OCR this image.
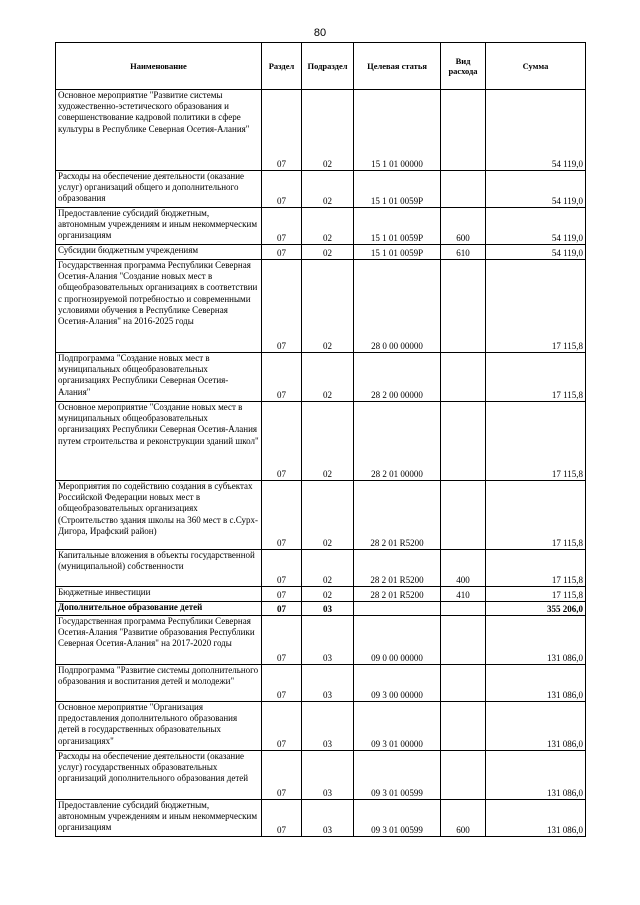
80
Наименование	Раздел	Подраздел	Целевая статья	Вид расхода	Сумма
Основное мероприятие "Развитие системы художественно-эстетического образования и совершенствование кадровой политики в сфере культуры в Республике Северная Осетия-Алания"	07	02	15 1 01 00000		54 119,0
Расходы на обеспечение деятельности (оказание услуг) организаций общего и дополнительного образования	07	02	15 1 01 0059P		54 119,0
Предоставление субсидий бюджетным, автономным учреждениям и иным некоммерческим организациям	07	02	15 1 01 0059P	600	54 119,0
Субсидии бюджетным учреждениям	07	02	15 1 01 0059P	610	54 119,0
Государственная программа Республики Северная Осетия-Алания "Создание новых мест в общеобразовательных организациях в соответствии с прогнозируемой потребностью и современными условиями обучения в Республике Северная Осетия-Алания" на 2016-2025 годы	07	02	28 0 00 00000		17 115,8
Подпрограмма "Создание новых мест в муниципальных общеобразовательных организациях Республики Северная Осетия-Алания"	07	02	28 2 00 00000		17 115,8
Основное мероприятие "Создание новых мест в муниципальных общеобразовательных организациях Республики Северная Осетия-Алания путем строительства и реконструкции зданий школ"	07	02	28 2 01 00000		17 115,8
Мероприятия по содействию создания в субъектах Российской Федерации новых мест в общеобразовательных организациях (Строительство здания школы на 360 мест в с.Сурх-Дигора, Ирафский район)	07	02	28 2 01 R5200		17 115,8
Капитальные вложения в объекты государственной (муниципальной) собственности	07	02	28 2 01 R5200	400	17 115,8
Бюджетные инвестиции	07	02	28 2 01 R5200	410	17 115,8
Дополнительное образование детей	07	03			355 206,0
Государственная программа Республики Северная Осетия-Алания "Развитие образования Республики Северная Осетия-Алания" на 2017-2020 годы	07	03	09 0 00 00000		131 086,0
Подпрограмма "Развитие системы дополнительного образования и воспитания детей и молодежи"	07	03	09 3 00 00000		131 086,0
Основное мероприятие "Организация предоставления дополнительного образования детей в государственных образовательных организациях"	07	03	09 3 01 00000		131 086,0
Расходы на обеспечение деятельности (оказание услуг) государственных образовательных организаций дополнительного образования детей	07	03	09 3 01 00599		131 086,0
Предоставление субсидий бюджетным, автономным учреждениям и иным некоммерческим организациям	07	03	09 3 01 00599	600	131 086,0
